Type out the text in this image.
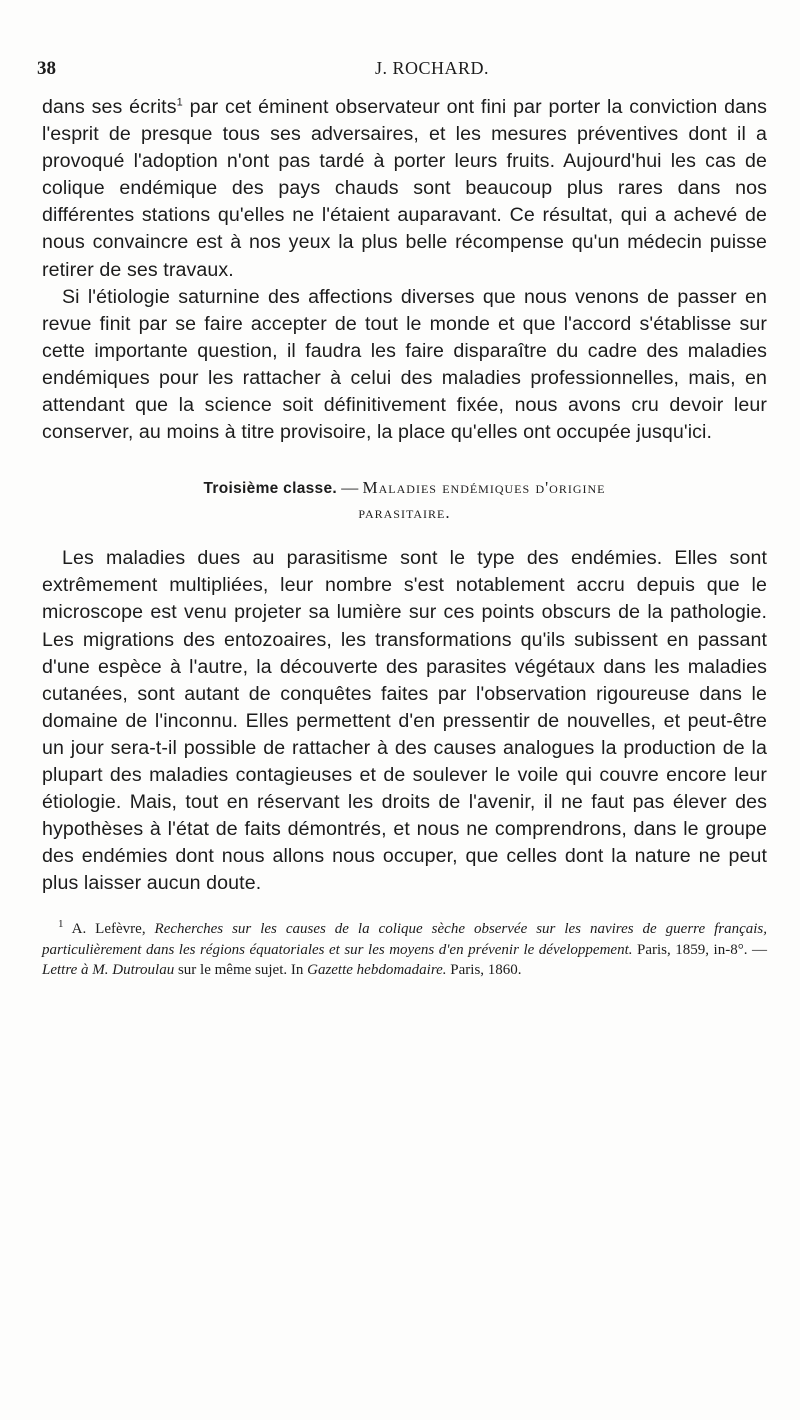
38	J. ROCHARD.

dans ses écrits$^1$ par cet éminent observateur ont fini par porter la conviction dans l'esprit de presque tous ses adversaires, et les mesures préventives dont il a provoqué l'adoption n'ont pas tardé à porter leurs fruits. Aujourd'hui les cas de colique endémique des pays chauds sont beaucoup plus rares dans nos différentes stations qu'elles ne l'étaient auparavant. Ce résultat, qui a achevé de nous convaincre est à nos yeux la plus belle récompense qu'un médecin puisse retirer de ses travaux.

Si l'étiologie saturnine des affections diverses que nous venons de passer en revue finit par se faire accepter de tout le monde et que l'accord s'établisse sur cette importante question, il faudra les faire disparaître du cadre des maladies endémiques pour les rattacher à celui des maladies professionnelles, mais, en attendant que la science soit définitivement fixée, nous avons cru devoir leur conserver, au moins à titre provisoire, la place qu'elles ont occupée jusqu'ici.

Troisième classe. — Maladies endémiques d'origine
parasitaire.

Les maladies dues au parasitisme sont le type des endémies. Elles sont extrêmement multipliées, leur nombre s'est notablement accru depuis que le microscope est venu projeter sa lumière sur ces points obscurs de la pathologie. Les migrations des entozoaires, les transformations qu'ils subissent en passant d'une espèce à l'autre, la découverte des parasites végétaux dans les maladies cutanées, sont autant de conquêtes faites par l'observation rigoureuse dans le domaine de l'inconnu. Elles permettent d'en pressentir de nouvelles, et peut-être un jour sera-t-il possible de rattacher à des causes analogues la production de la plupart des maladies contagieuses et de soulever le voile qui couvre encore leur étiologie. Mais, tout en réservant les droits de l'avenir, il ne faut pas élever des hypothèses à l'état de faits démontrés, et nous ne comprendrons, dans le groupe des endémies dont nous allons nous occuper, que celles dont la nature ne peut plus laisser aucun doute.

$^1$ A. Lefèvre, Recherches sur les causes de la colique sèche observée sur les navires de guerre français, particulièrement dans les régions équatoriales et sur les moyens d'en prévenir le développement. Paris, 1859, in-8°. — Lettre à M. Dutroulau sur le même sujet. In Gazette hebdomadaire. Paris, 1860.
